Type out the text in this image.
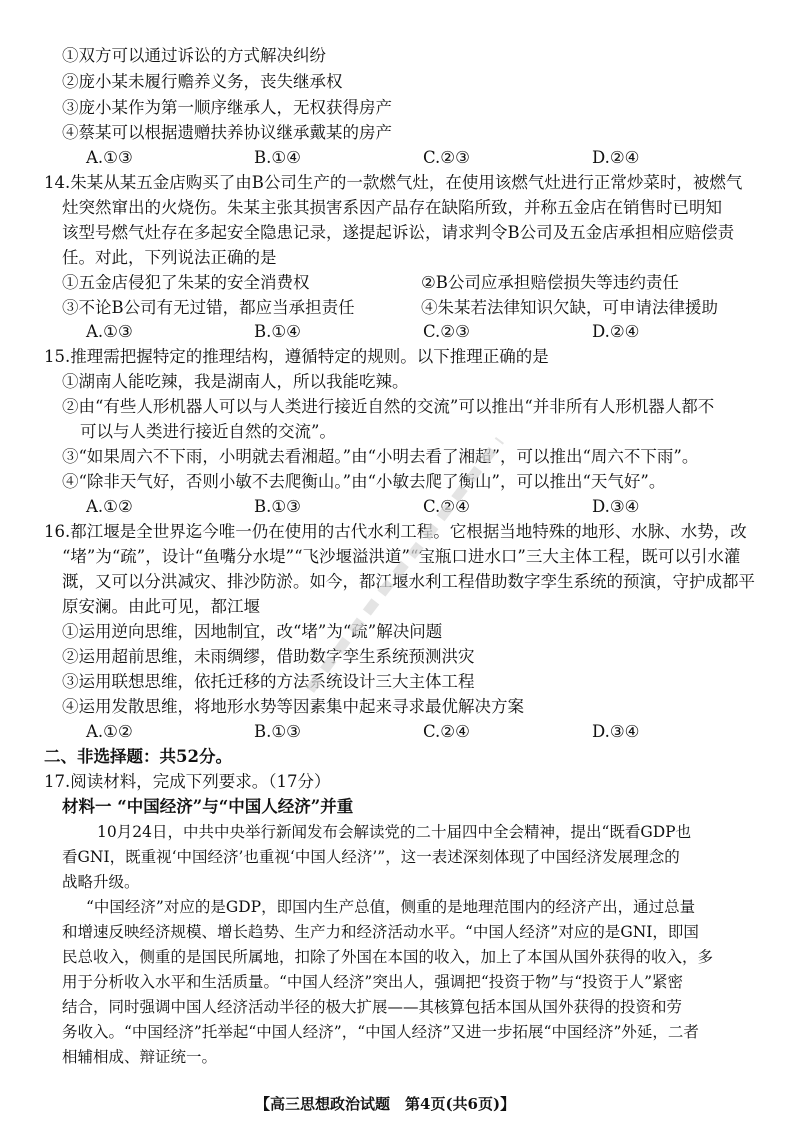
①双方可以通过诉讼的方式解决纠纷
②庞小某未履行赡养义务，丧失继承权
③庞小某作为第一顺序继承人，无权获得房产
④蔡某可以根据遗赠扶养协议继承戴某的房产
A.①③	B.①④	C.②③	D.②④
14.朱某从某五金店购买了由B公司生产的一款燃气灶，在使用该燃气灶进行正常炒菜时，被燃气
灶突然窜出的火烧伤。朱某主张其损害系因产品存在缺陷所致，并称五金店在销售时已明知
该型号燃气灶存在多起安全隐患记录，遂提起诉讼，请求判令B公司及五金店承担相应赔偿责
任。对此，下列说法正确的是
①五金店侵犯了朱某的安全消费权	②B公司应承担赔偿损失等违约责任
③不论B公司有无过错，都应当承担责任	④朱某若法律知识欠缺，可申请法律援助
A.①③	B.①④	C.②③	D.②④
15.推理需把握特定的推理结构，遵循特定的规则。以下推理正确的是
①湖南人能吃辣，我是湖南人，所以我能吃辣。
②由“有些人形机器人可以与人类进行接近自然的交流”可以推出“并非所有人形机器人都不
可以与人类进行接近自然的交流”。
③“如果周六不下雨，小明就去看湘超。”由“小明去看了湘超”，可以推出“周六不下雨”。
④“除非天气好，否则小敏不去爬衡山。”由“小敏去爬了衡山”，可以推出“天气好”。
A.①②	B.①③	C.②④	D.③④
16.都江堰是全世界迄今唯一仍在使用的古代水利工程。它根据当地特殊的地形、水脉、水势，改
“堵”为“疏”，设计“鱼嘴分水堤”“飞沙堰溢洪道”“宝瓶口进水口”三大主体工程，既可以引水灌
溉，又可以分洪减灾、排沙防淤。如今，都江堰水利工程借助数字孪生系统的预演，守护成都平
原安澜。由此可见，都江堰
①运用逆向思维，因地制宜，改“堵”为“疏”解决问题
②运用超前思维，未雨绸缪，借助数字孪生系统预测洪灾
③运用联想思维，依托迁移的方法系统设计三大主体工程
④运用发散思维，将地形水势等因素集中起来寻求最优解决方案
A.①②	B.①③	C.②④	D.③④
二、非选择题：共52分。
17.阅读材料，完成下列要求。（17分）
材料一 “中国经济”与“中国人经济”并重
10月24日，中共中央举行新闻发布会解读党的二十届四中全会精神，提出“既看GDP也
看GNI，既重视‘中国经济’也重视‘中国人经济’”，这一表述深刻体现了中国经济发展理念的
战略升级。
“中国经济”对应的是GDP，即国内生产总值，侧重的是地理范围内的经济产出，通过总量
和增速反映经济规模、增长趋势、生产力和经济活动水平。“中国人经济”对应的是GNI，即国
民总收入，侧重的是国民所属地，扣除了外国在本国的收入，加上了本国从国外获得的收入，多
用于分析收入水平和生活质量。“中国人经济”突出人，强调把“投资于物”与“投资于人”紧密
结合，同时强调中国人经济活动半径的极大扩展——其核算包括本国从国外获得的投资和劳
务收入。“中国经济”托举起“中国人经济”，“中国人经济”又进一步拓展“中国经济”外延，二者
相辅相成、辩证统一。
【高三思想政治试题　第4页(共6页)】
